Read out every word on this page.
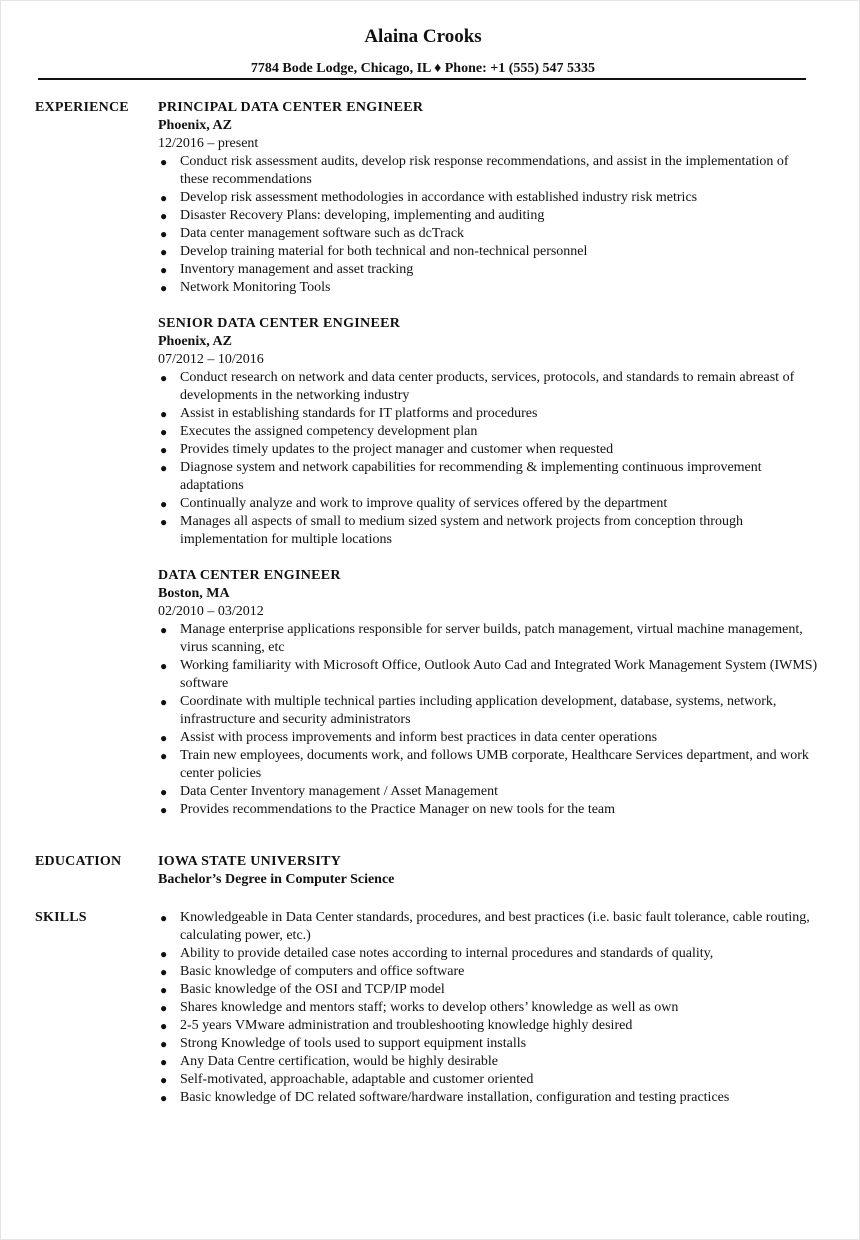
Alaina Crooks
7784 Bode Lodge, Chicago, IL ♦ Phone: +1 (555) 547 5335
EXPERIENCE PRINCIPAL DATA CENTER ENGINEER
Phoenix, AZ
12/2016 – present
● Conduct risk assessment audits, develop risk response recommendations, and assist in the implementation of these recommendations
● Develop risk assessment methodologies in accordance with established industry risk metrics
● Disaster Recovery Plans: developing, implementing and auditing
● Data center management software such as dcTrack
● Develop training material for both technical and non-technical personnel
● Inventory management and asset tracking
● Network Monitoring Tools
SENIOR DATA CENTER ENGINEER
Phoenix, AZ
07/2012 – 10/2016
● Conduct research on network and data center products, services, protocols, and standards to remain abreast of developments in the networking industry
● Assist in establishing standards for IT platforms and procedures
● Executes the assigned competency development plan
● Provides timely updates to the project manager and customer when requested
● Diagnose system and network capabilities for recommending & implementing continuous improvement adaptations
● Continually analyze and work to improve quality of services offered by the department
● Manages all aspects of small to medium sized system and network projects from conception through implementation for multiple locations
DATA CENTER ENGINEER
Boston, MA
02/2010 – 03/2012
● Manage enterprise applications responsible for server builds, patch management, virtual machine management, virus scanning, etc
● Working familiarity with Microsoft Office, Outlook Auto Cad and Integrated Work Management System (IWMS) software
● Coordinate with multiple technical parties including application development, database, systems, network, infrastructure and security administrators
● Assist with process improvements and inform best practices in data center operations
● Train new employees, documents work, and follows UMB corporate, Healthcare Services department, and work center policies
● Data Center Inventory management / Asset Management
● Provides recommendations to the Practice Manager on new tools for the team
EDUCATION	IOWA STATE UNIVERSITY
Bachelor’s Degree in Computer Science
SKILLS	● Knowledgeable in Data Center standards, procedures, and best practices (i.e. basic fault tolerance, cable routing, calculating power, etc.)
● Ability to provide detailed case notes according to internal procedures and standards of quality,
● Basic knowledge of computers and office software
● Basic knowledge of the OSI and TCP/IP model
● Shares knowledge and mentors staff; works to develop others’ knowledge as well as own
● 2-5 years VMware administration and troubleshooting knowledge highly desired
● Strong Knowledge of tools used to support equipment installs
● Any Data Centre certification, would be highly desirable
● Self-motivated, approachable, adaptable and customer oriented
● Basic knowledge of DC related software/hardware installation, configuration and testing practices
